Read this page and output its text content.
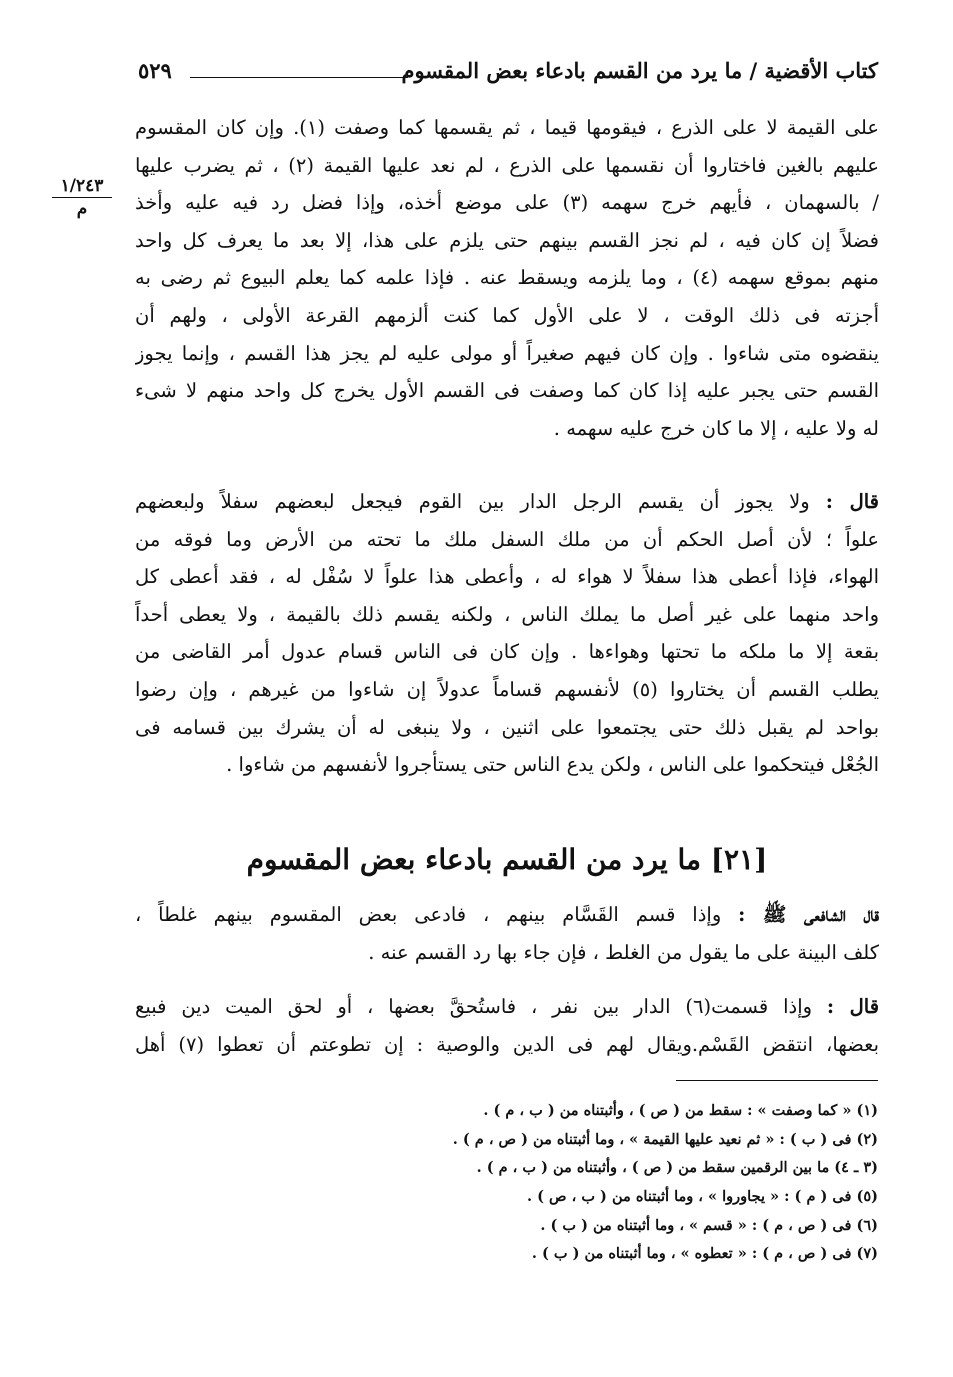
كتاب الأقضية / ما يرد من القسم بادعاء بعض المقسوم
٥٢٩
١/٢٤٣
م

على القيمة لا على الذرع ، فيقومها قيما ، ثم يقسمها كما وصفت (١). وإن كان المقسوم

عليهم بالغين فاختاروا أن نقسمها على الذرع ، لم نعد عليها القيمة (٢) ، ثم يضرب عليها

/ بالسهمان ، فأيهم خرج سهمه (٣) على موضع أخذه، وإذا فضل رد فيه عليه وأخذ

فضلاً إن كان فيه ، لم نجز القسم بينهم حتى يلزم على هذا، إلا بعد ما يعرف كل واحد

منهم بموقع سهمه (٤) ، وما يلزمه ويسقط عنه . فإذا علمه كما يعلم البيوع ثم رضى به

أجزته فى ذلك الوقت ، لا على الأول كما كنت ألزمهم القرعة الأولى ، ولهم أن

ينقضوه متى شاءوا . وإن كان فيهم صغيراً أو مولى عليه لم يجز هذا القسم ، وإنما يجوز

القسم حتى يجبر عليه إذا كان كما وصفت فى القسم الأول يخرج كل واحد منهم لا شىء

له ولا عليه ، إلا ما كان خرج عليه سهمه .

قال : ولا يجوز أن يقسم الرجل الدار بين القوم فيجعل لبعضهم سفلاً ولبعضهم

علواً ؛ لأن أصل الحكم أن من ملك السفل ملك ما تحته من الأرض وما فوقه من

الهواء، فإذا أعطى هذا سفلاً لا هواء له ، وأعطى هذا علواً لا سُفْل له ، فقد أعطى كل

واحد منهما على غير أصل ما يملك الناس ، ولكنه يقسم ذلك بالقيمة ، ولا يعطى أحداً

بقعة إلا ما ملكه ما تحتها وهواءها . وإن كان فى الناس قسام عدول أمر القاضى من

يطلب القسم أن يختاروا (٥) لأنفسهم قساماً عدولاً إن شاءوا من غيرهم ، وإن رضوا

بواحد لم يقبل ذلك حتى يجتمعوا على اثنين ، ولا ينبغى له أن يشرك بين قسامه فى

الجُعْل فيتحكموا على الناس ، ولكن يدع الناس حتى يستأجروا لأنفسهم من شاءوا .

[٢١] ما يرد من القسم بادعاء بعض المقسوم

قال الشافعى ﷺ : وإذا قسم القَسَّام بينهم ، فادعى بعض المقسوم بينهم غلطاً ،

كلف البينة على ما يقول من الغلط ، فإن جاء بها رد القسم عنه .

قال : وإذا قسمت(٦) الدار بين نفر ، فاستُحقَّ بعضها ، أو لحق الميت دين فبيع

بعضها، انتقض القَسْم.ويقال لهم فى الدين والوصية : إن تطوعتم أن تعطوا (٧) أهل

(١) « كما وصفت » : سقط من ( ص ) ، وأثبتناه من ( ب ، م ) .
(٢) فى ( ب ) : « ثم نعيد عليها القيمة » ، وما أثبتناه من ( ص ، م ) .
(٣ ـ ٤) ما بين الرقمين سقط من ( ص ) ، وأثبتناه من ( ب ، م ) .
(٥) فى ( م ) : « يجاوروا » ، وما أثبتناه من ( ب ، ص ) .
(٦) فى ( ص ، م ) : « قسم » ، وما أثبتناه من ( ب ) .
(٧) فى ( ص ، م ) : « تعطوه » ، وما أثبتناه من ( ب ) .
